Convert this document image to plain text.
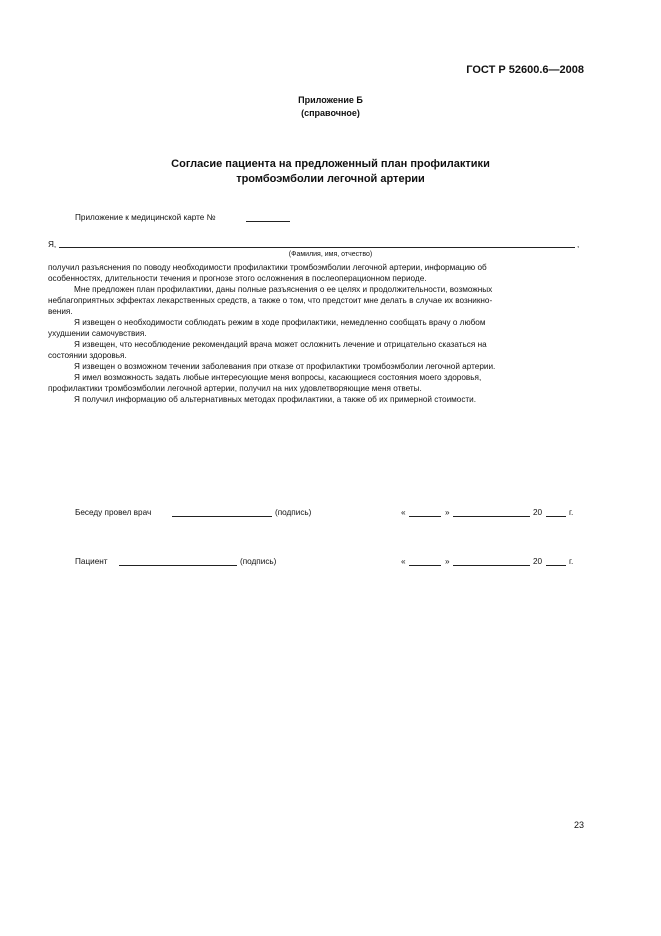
ГОСТ Р 52600.6—2008
Приложение Б
(справочное)
Согласие пациента на предложенный план профилактики
тромбоэмболии легочной артерии
Приложение к медицинской карте №
Я,	,
(Фамилия, имя, отчество)
получил разъяснения по поводу необходимости профилактики тромбоэмболии легочной артерии, информацию об
особенностях, длительности течения и прогнозе этого осложнения в послеоперационном периоде.
Мне предложен план профилактики, даны полные разъяснения о ее целях и продолжительности, возможных
неблагоприятных эффектах лекарственных средств, а также о том, что предстоит мне делать в случае их возникно-
вения.
Я извещен о необходимости соблюдать режим в ходе профилактики, немедленно сообщать врачу о любом
ухудшении самочувствия.
Я извещен, что несоблюдение рекомендаций врача может осложнить лечение и отрицательно сказаться на
состоянии здоровья.
Я извещен о возможном течении заболевания при отказе от профилактики тромбоэмболии легочной артерии.
Я имел возможность задать любые интересующие меня вопросы, касающиеся состояния моего здоровья,
профилактики тромбоэмболии легочной артерии, получил на них удовлетворяющие меня ответы.
Я получил информацию об альтернативных методах профилактики, а также об их примерной стоимости.
Беседу провел врач	(подпись)	«	»	20	г.
Пациент	(подпись)	«	»	20	г.
23
